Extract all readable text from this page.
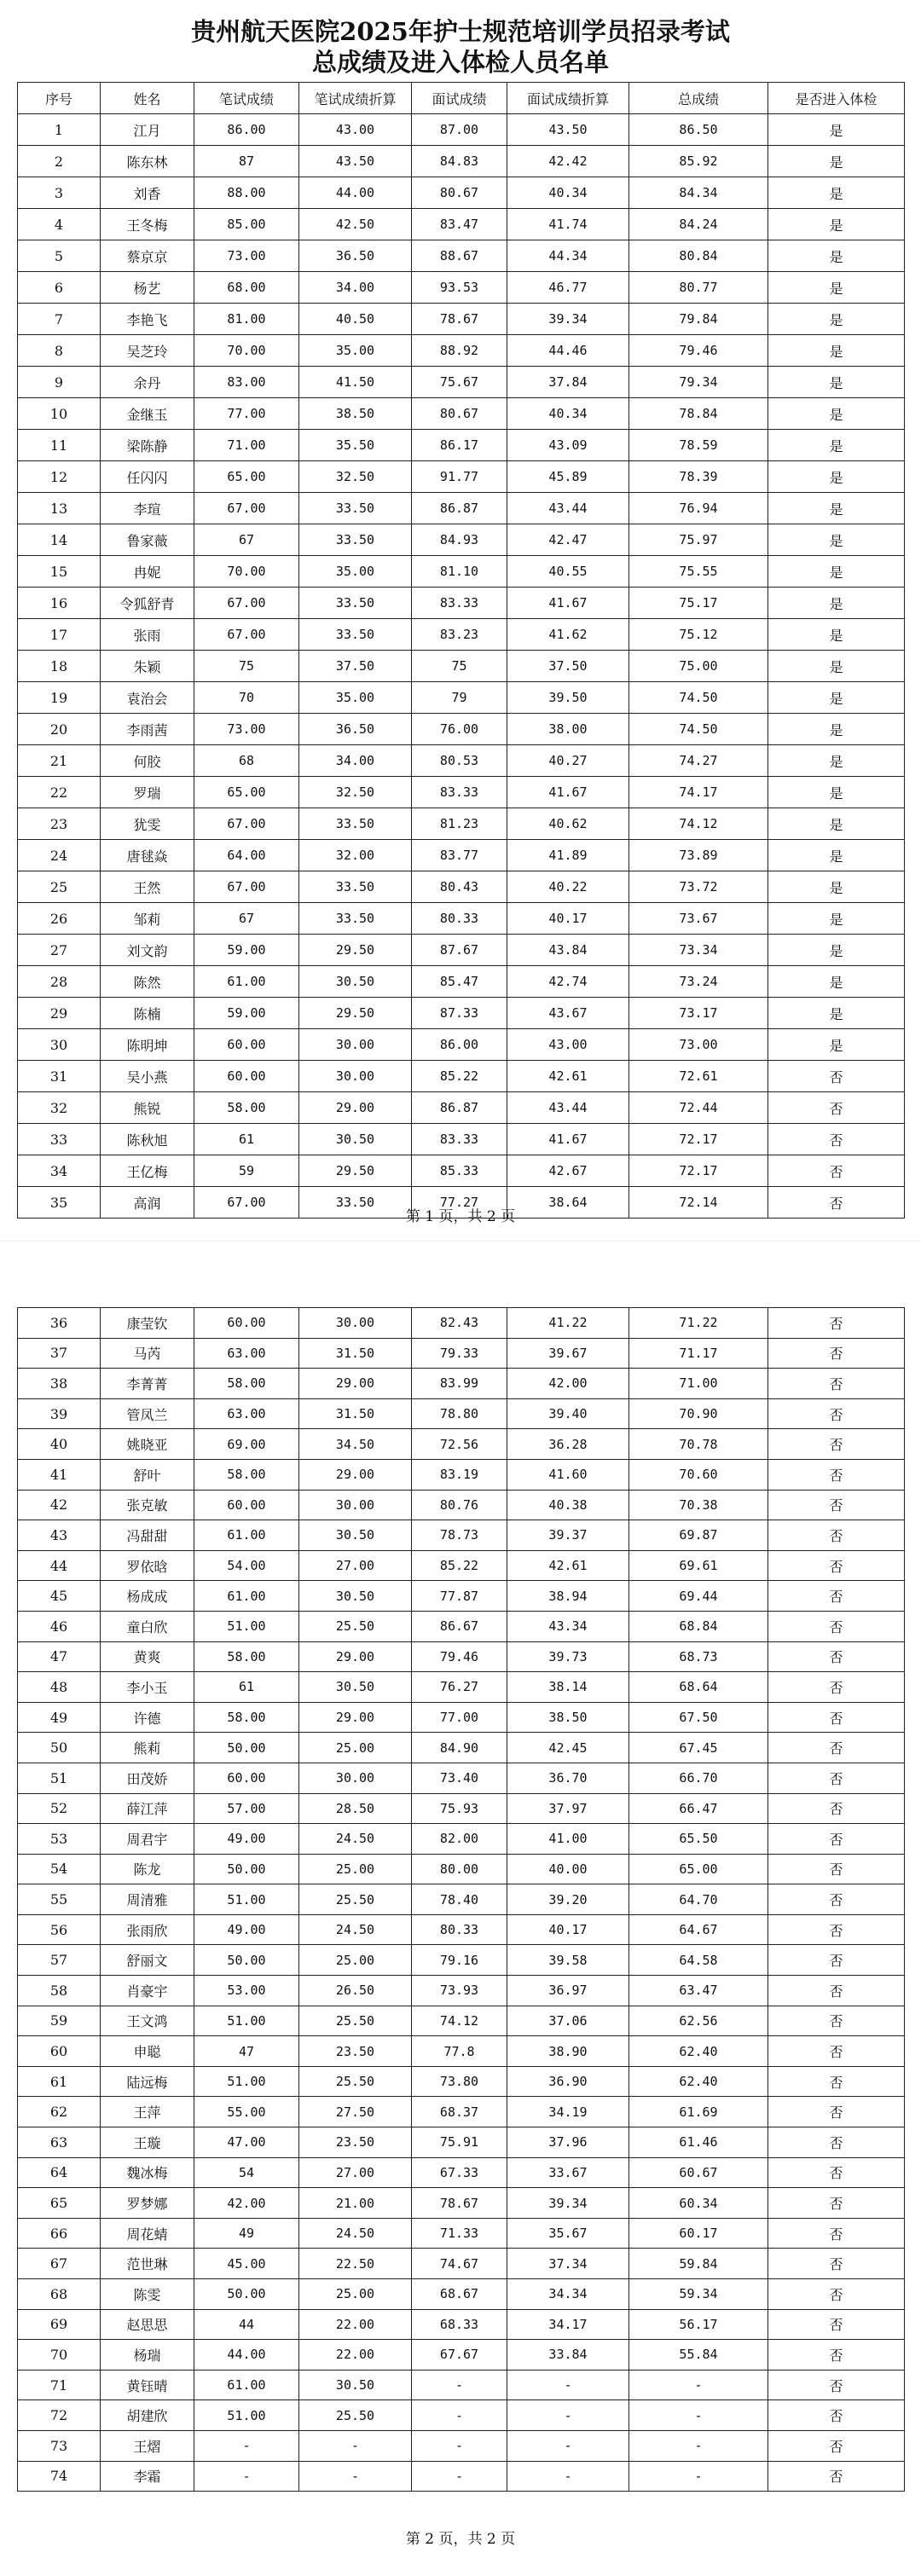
贵州航天医院2025年护士规范培训学员招录考试
总成绩及进入体检人员名单
序号	姓名	笔试成绩	笔试成绩折算	面试成绩	面试成绩折算	总成绩	是否进入体检
1	江月	86.00	43.00	87.00	43.50	86.50	是
2	陈东林	87	43.50	84.83	42.42	85.92	是
3	刘香	88.00	44.00	80.67	40.34	84.34	是
4	王冬梅	85.00	42.50	83.47	41.74	84.24	是
5	蔡京京	73.00	36.50	88.67	44.34	80.84	是
6	杨艺	68.00	34.00	93.53	46.77	80.77	是
7	李艳飞	81.00	40.50	78.67	39.34	79.84	是
8	吴芝玲	70.00	35.00	88.92	44.46	79.46	是
9	余丹	83.00	41.50	75.67	37.84	79.34	是
10	金继玉	77.00	38.50	80.67	40.34	78.84	是
11	梁陈静	71.00	35.50	86.17	43.09	78.59	是
12	任闪闪	65.00	32.50	91.77	45.89	78.39	是
13	李瑄	67.00	33.50	86.87	43.44	76.94	是
14	鲁家薇	67	33.50	84.93	42.47	75.97	是
15	冉妮	70.00	35.00	81.10	40.55	75.55	是
16	令狐舒青	67.00	33.50	83.33	41.67	75.17	是
17	张雨	67.00	33.50	83.23	41.62	75.12	是
18	朱颖	75	37.50	75	37.50	75.00	是
19	袁治会	70	35.00	79	39.50	74.50	是
20	李雨茜	73.00	36.50	76.00	38.00	74.50	是
21	何胶	68	34.00	80.53	40.27	74.27	是
22	罗瑞	65.00	32.50	83.33	41.67	74.17	是
23	犹雯	67.00	33.50	81.23	40.62	74.12	是
24	唐毬焱	64.00	32.00	83.77	41.89	73.89	是
25	王然	67.00	33.50	80.43	40.22	73.72	是
26	邹莉	67	33.50	80.33	40.17	73.67	是
27	刘文韵	59.00	29.50	87.67	43.84	73.34	是
28	陈然	61.00	30.50	85.47	42.74	73.24	是
29	陈楠	59.00	29.50	87.33	43.67	73.17	是
30	陈明坤	60.00	30.00	86.00	43.00	73.00	是
31	吴小燕	60.00	30.00	85.22	42.61	72.61	否
32	熊锐	58.00	29.00	86.87	43.44	72.44	否
33	陈秋旭	61	30.50	83.33	41.67	72.17	否
34	王亿梅	59	29.50	85.33	42.67	72.17	否
35	高润	67.00	33.50	77.27	38.64	72.14	否
第 1 页，共 2 页
36	康莹钦	60.00	30.00	82.43	41.22	71.22	否
37	马芮	63.00	31.50	79.33	39.67	71.17	否
38	李菁菁	58.00	29.00	83.99	42.00	71.00	否
39	管凤兰	63.00	31.50	78.80	39.40	70.90	否
40	姚晓亚	69.00	34.50	72.56	36.28	70.78	否
41	舒叶	58.00	29.00	83.19	41.60	70.60	否
42	张克敏	60.00	30.00	80.76	40.38	70.38	否
43	冯甜甜	61.00	30.50	78.73	39.37	69.87	否
44	罗依晗	54.00	27.00	85.22	42.61	69.61	否
45	杨成成	61.00	30.50	77.87	38.94	69.44	否
46	童白欣	51.00	25.50	86.67	43.34	68.84	否
47	黄爽	58.00	29.00	79.46	39.73	68.73	否
48	李小玉	61	30.50	76.27	38.14	68.64	否
49	许德	58.00	29.00	77.00	38.50	67.50	否
50	熊莉	50.00	25.00	84.90	42.45	67.45	否
51	田茂娇	60.00	30.00	73.40	36.70	66.70	否
52	薛江萍	57.00	28.50	75.93	37.97	66.47	否
53	周君宇	49.00	24.50	82.00	41.00	65.50	否
54	陈龙	50.00	25.00	80.00	40.00	65.00	否
55	周清雅	51.00	25.50	78.40	39.20	64.70	否
56	张雨欣	49.00	24.50	80.33	40.17	64.67	否
57	舒丽文	50.00	25.00	79.16	39.58	64.58	否
58	肖豪宇	53.00	26.50	73.93	36.97	63.47	否
59	王文鸿	51.00	25.50	74.12	37.06	62.56	否
60	申聪	47	23.50	77.8	38.90	62.40	否
61	陆远梅	51.00	25.50	73.80	36.90	62.40	否
62	王萍	55.00	27.50	68.37	34.19	61.69	否
63	王璇	47.00	23.50	75.91	37.96	61.46	否
64	魏冰梅	54	27.00	67.33	33.67	60.67	否
65	罗梦娜	42.00	21.00	78.67	39.34	60.34	否
66	周花蜻	49	24.50	71.33	35.67	60.17	否
67	范世琳	45.00	22.50	74.67	37.34	59.84	否
68	陈雯	50.00	25.00	68.67	34.34	59.34	否
69	赵思思	44	22.00	68.33	34.17	56.17	否
70	杨瑞	44.00	22.00	67.67	33.84	55.84	否
71	黄钰晴	61.00	30.50	-	-	-	否
72	胡建欣	51.00	25.50	-	-	-	否
73	王熠	-	-	-	-	-	否
74	李霜	-	-	-	-	-	否
第 2 页，共 2 页
